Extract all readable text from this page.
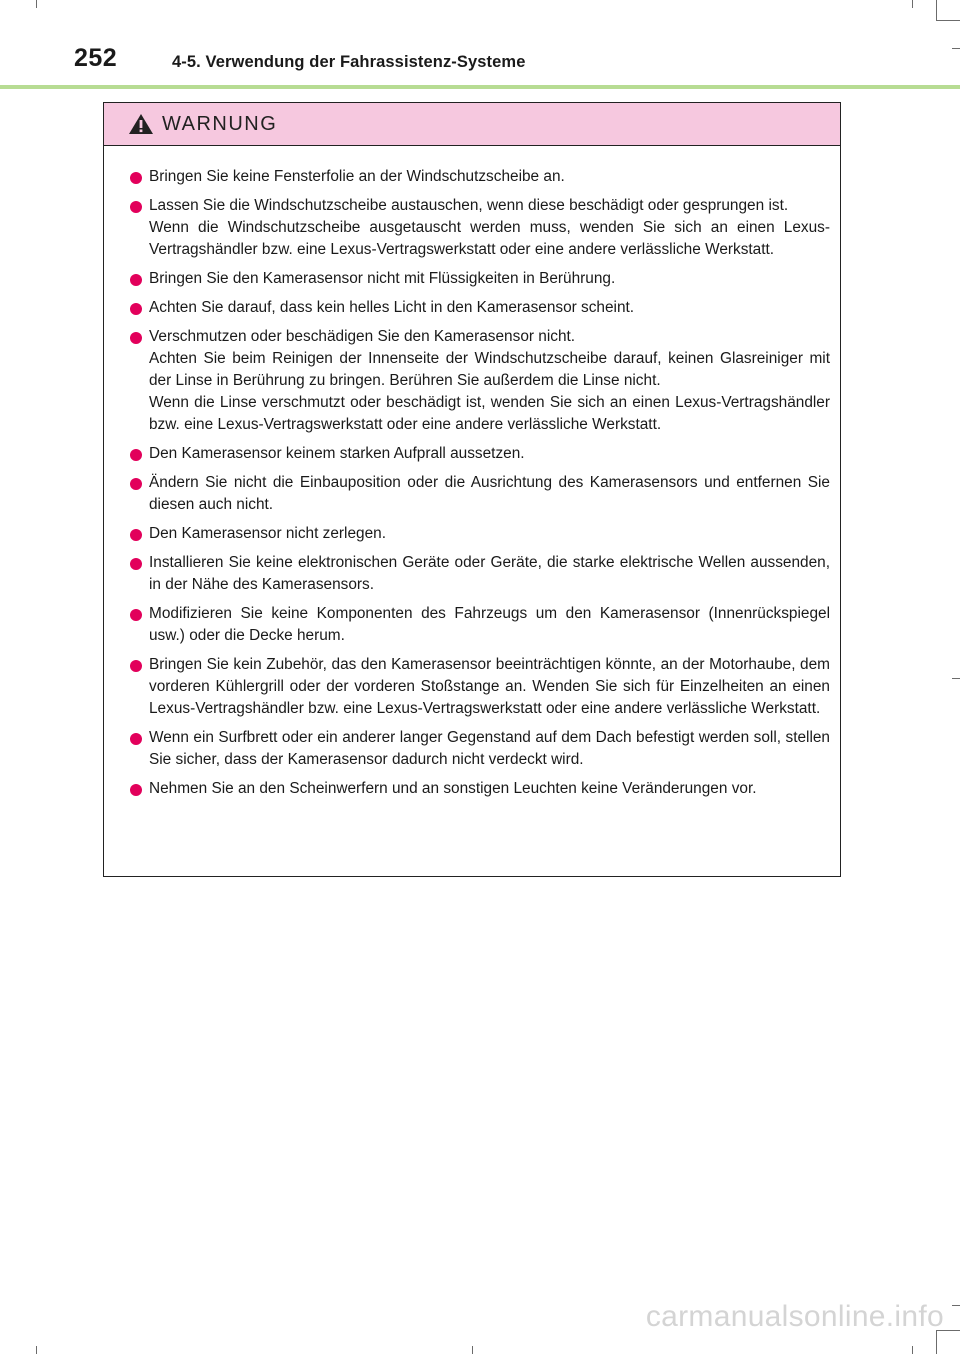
252	4-5. Verwendung der Fahrassistenz-Systeme
WARNUNG

Bringen Sie keine Fensterfolie an der Windschutzscheibe an.

Lassen Sie die Windschutzscheibe austauschen, wenn diese beschädigt oder gesprungen ist.

Wenn die Windschutzscheibe ausgetauscht werden muss, wenden Sie sich an einen Lexus-Vertragshändler bzw. eine Lexus-Vertragswerkstatt oder eine andere verlässliche Werkstatt.

Bringen Sie den Kamerasensor nicht mit Flüssigkeiten in Berührung.

Achten Sie darauf, dass kein helles Licht in den Kamerasensor scheint.

Verschmutzen oder beschädigen Sie den Kamerasensor nicht.

Achten Sie beim Reinigen der Innenseite der Windschutzscheibe darauf, keinen Glasreiniger mit der Linse in Berührung zu bringen. Berühren Sie außerdem die Linse nicht.

Wenn die Linse verschmutzt oder beschädigt ist, wenden Sie sich an einen Lexus-Vertragshändler bzw. eine Lexus-Vertragswerkstatt oder eine andere verlässliche Werkstatt.

Den Kamerasensor keinem starken Aufprall aussetzen.

Ändern Sie nicht die Einbauposition oder die Ausrichtung des Kamerasensors und entfernen Sie diesen auch nicht.

Den Kamerasensor nicht zerlegen.

Installieren Sie keine elektronischen Geräte oder Geräte, die starke elektrische Wellen aussenden, in der Nähe des Kamerasensors.

Modifizieren Sie keine Komponenten des Fahrzeugs um den Kamerasensor (Innenrückspiegel usw.) oder die Decke herum.

Bringen Sie kein Zubehör, das den Kamerasensor beeinträchtigen könnte, an der Motorhaube, dem vorderen Kühlergrill oder der vorderen Stoßstange an. Wenden Sie sich für Einzelheiten an einen Lexus-Vertragshändler bzw. eine Lexus-Vertragswerkstatt oder eine andere verlässliche Werkstatt.

Wenn ein Surfbrett oder ein anderer langer Gegenstand auf dem Dach befestigt werden soll, stellen Sie sicher, dass der Kamerasensor dadurch nicht verdeckt wird.

Nehmen Sie an den Scheinwerfern und an sonstigen Leuchten keine Veränderungen vor.

carmanualsonline.info
